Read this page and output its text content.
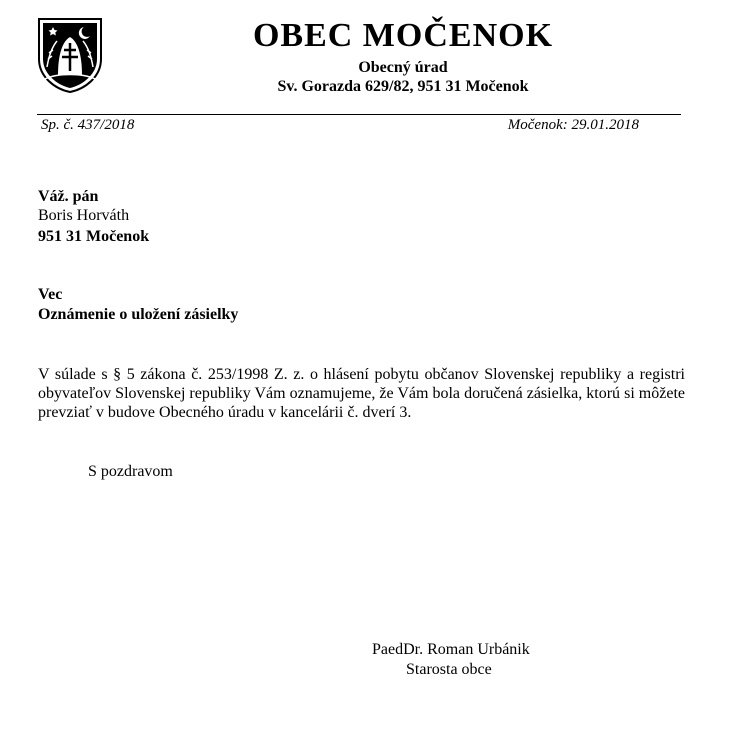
OBEC MOČENOK
Obecný úrad
Sv. Gorazda 629/82, 951 31 Močenok
Sp. č. 437/2018	Močenok: 29.01.2018
Váž. pán
Boris Horváth
951 31 Močenok
Vec
Oznámenie o uložení zásielky
V súlade s § 5 zákona č. 253/1998 Z. z. o hlásení pobytu občanov Slovenskej republiky a registri obyvateľov Slovenskej republiky Vám oznamujeme, že Vám bola doručená zásielka, ktorú si môžete prevziať v budove Obecného úradu v kancelárii č. dverí 3.
S pozdravom
PaedDr. Roman Urbánik
Starosta obce
